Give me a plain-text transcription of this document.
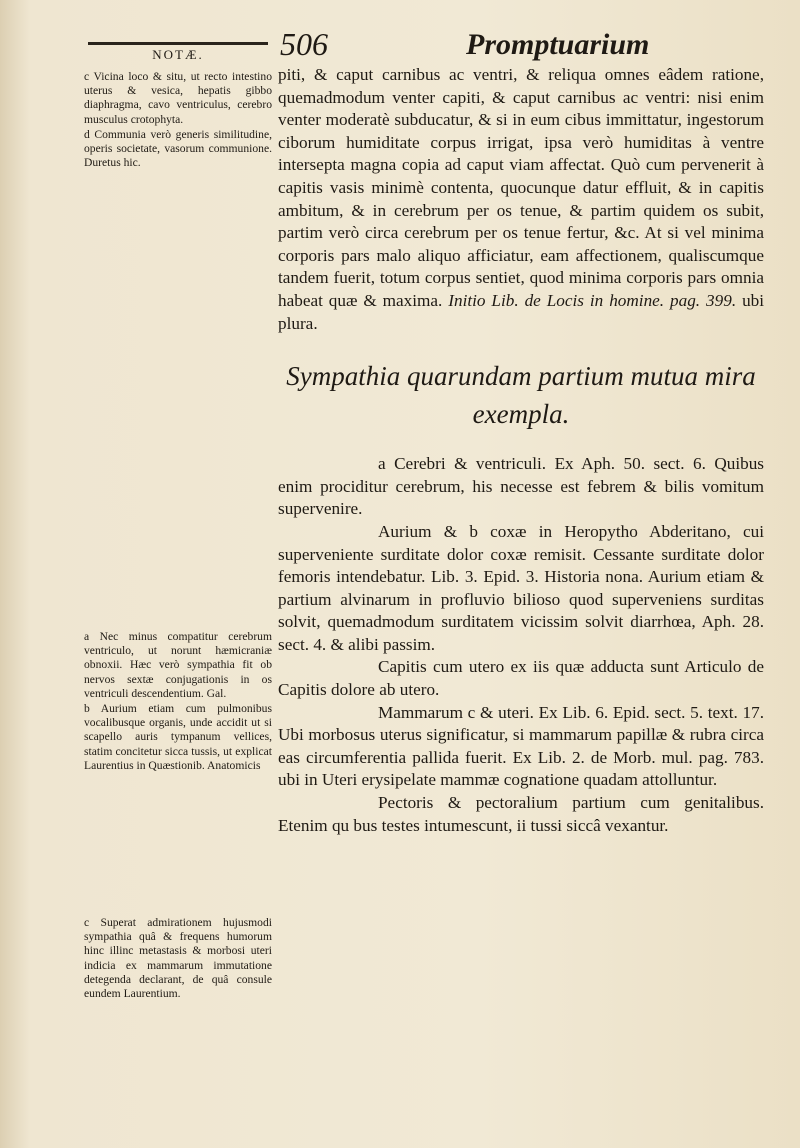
NOTÆ.	506	Promptuarium

c Vicina loco & situ, ut recto intestino uterus & vesica, hepatis gibbo diaphragma, cavo ventriculus, cerebro musculus crotophyta.

d Communia verò generis similitudine, operis societate, vasorum communione. Duretus hic.

a Nec minus compatitur cerebrum ventriculo, ut norunt hæmicraniæ obnoxii. Hæc verò sympathia fit ob nervos sextæ conjugationis in os ventriculi descendentium. Gal.

b Aurium etiam cum pulmonibus vocalibusque organis, unde accidit ut si scapello auris tympanum vellices, statim concitetur sicca tussis, ut explicat Laurentius in Quæstionib. Anatomicis

c Superat admirationem hujusmodi sympathia quâ & frequens humorum hinc illinc metastasis & morbosi uteri indicia ex mammarum immutatione detegenda declarant, de quâ consule eundem Laurentium.

piti, & caput carnibus ac ventri, & reliqua omnes eâdem ratione, quemadmodum venter capiti, & caput carnibus ac ventri: nisi enim venter moderatè subducatur, & si in eum cibus immittatur, ingestorum ciborum humiditate corpus irrigat, ipsa verò humiditas à ventre intersepta magna copia ad caput viam affectat. Quò cum pervenerit à capitis vasis minimè contenta, quocunque datur effluit, & in capitis ambitum, & in cerebrum per os tenue, & partim quidem os subit, partim verò circa cerebrum per os tenue fertur, &c. At si vel minima corporis pars malo aliquo afficiatur, eam affectionem, qualiscumque tandem fuerit, totum corpus sentiet, quod minima corporis pars omnia habeat quæ & maxima. Initio Lib. de Locis in homine. pag. 399. ubi plura.

Sympathia quarundam partium mutua mira exempla.

a Cerebri & ventriculi. Ex Aph. 50. sect. 6. Quibus enim prociditur cerebrum, his necesse est febrem & bilis vomitum supervenire.

Aurium & b coxæ in Heropytho Abderitano, cui superveniente surditate dolor coxæ remisit. Cessante surditate dolor femoris intendebatur. Lib. 3. Epid. 3. Historia nona. Aurium etiam & partium alvinarum in profluvio bilioso quod superveniens surditas solvit, quemadmodum surditatem vicissim solvit diarrhœa, Aph. 28. sect. 4. & alibi passim.

Capitis cum utero ex iis quæ adducta sunt Articulo de Capitis dolore ab utero.

Mammarum c & uteri. Ex Lib. 6. Epid. sect. 5. text. 17. Ubi morbosus uterus significatur, si mammarum papillæ & rubra circa eas circumferentia pallida fuerit. Ex Lib. 2. de Morb. mul. pag. 783. ubi in Uteri erysipelate mammæ cognatione quadam attolluntur.

Pectoris & pectoralium partium cum genitalibus. Etenim qu bus testes intumescunt, ii tussi siccâ vexantur.
